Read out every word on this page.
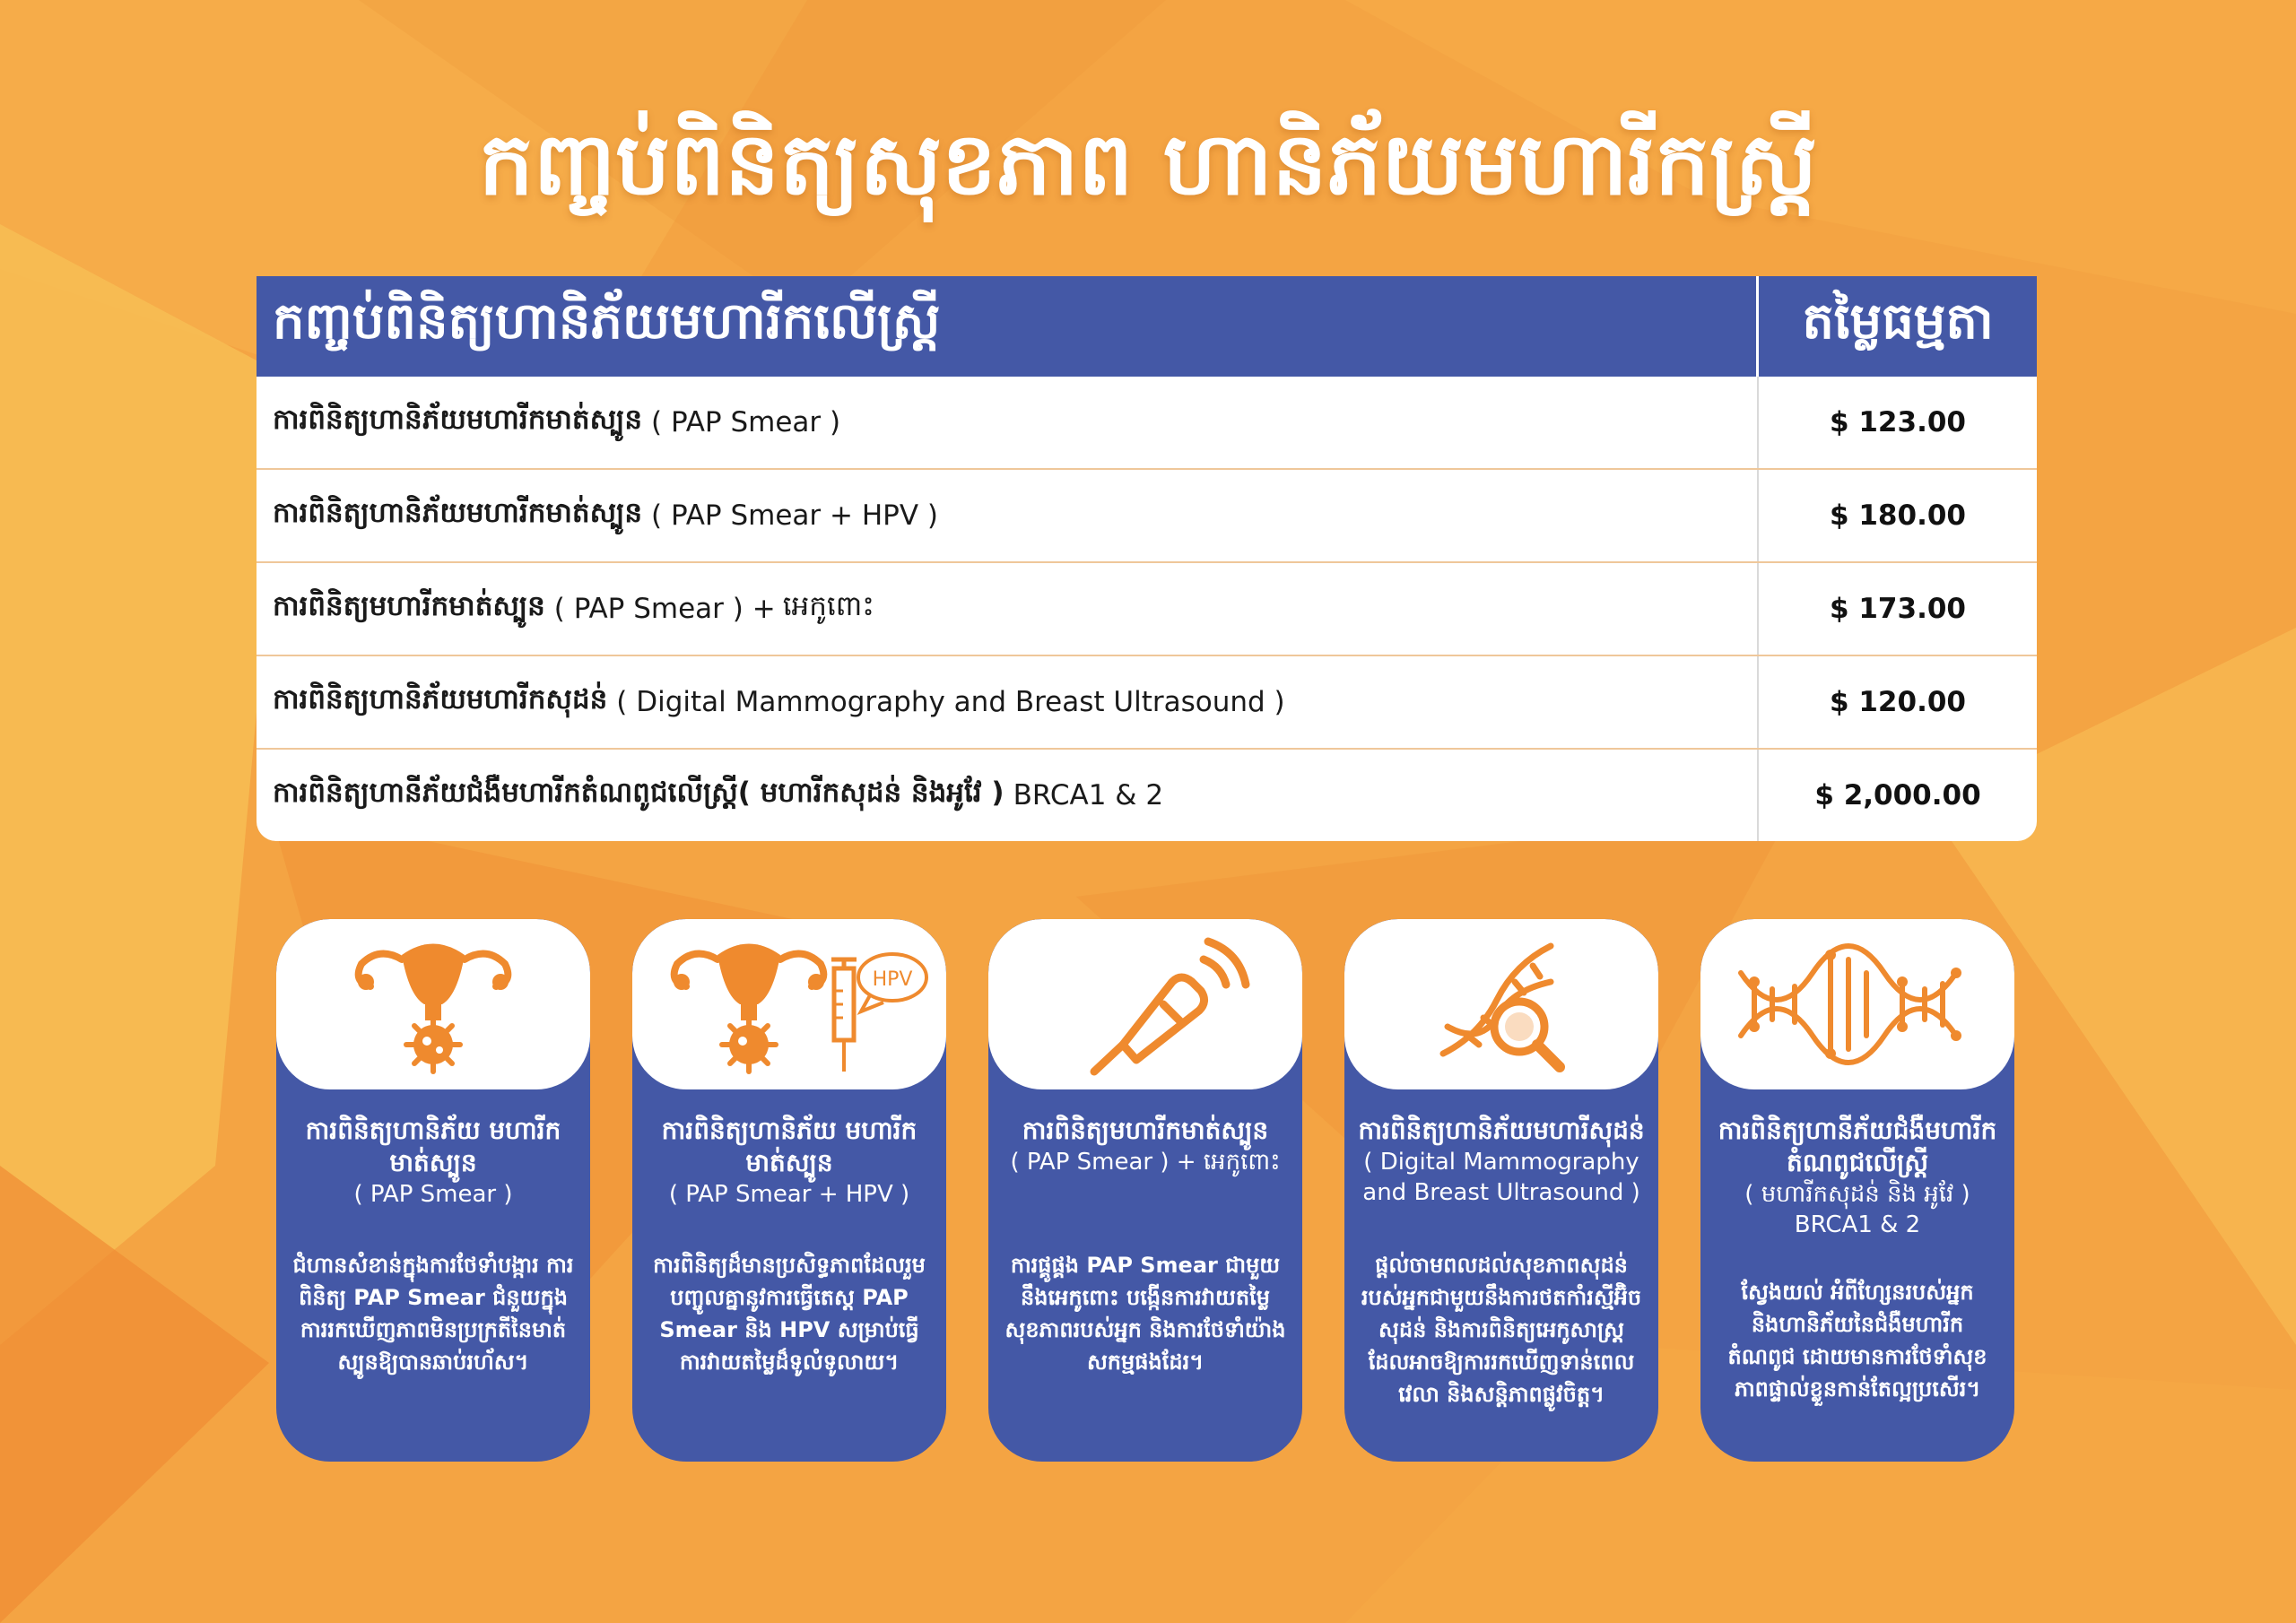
កញ្ចប់ពិនិត្យសុខភាព ហានិភ័យមហារីកស្ត្រី
កញ្ចប់ពិនិត្យហានិភ័យមហារីកលើស្ត្រី	តម្លៃធម្មតា
ការពិនិត្យហានិភ័យមហារីកមាត់ស្បូន ( PAP Smear )	$ 123.00
ការពិនិត្យហានិភ័យមហារីកមាត់ស្បូន ( PAP Smear + HPV )	$ 180.00
ការពិនិត្យមហារីកមាត់ស្បូន ( PAP Smear ) + អេកូពោះ	$ 173.00
ការពិនិត្យហានិភ័យមហារីកសុដន់ ( Digital Mammography and Breast Ultrasound )	$ 120.00
ការពិនិត្យហានីភ័យជំងឺមហារីកតំណពូជលើស្ត្រី( មហារីកសុដន់ និងអូវែ ) BRCA1 & 2	$ 2,000.00
ការពិនិត្យហានិភ័យ មហារីកមាត់ស្បូន
( PAP Smear )
ជំហានសំខាន់ក្នុងការថែទាំបង្ការ ការពិនិត្យ PAP Smear ជំនួយក្នុងការរកឃើញភាពមិនប្រក្រតីនៃមាត់ស្បូនឱ្យបានឆាប់រហ័ស។
HPV
ការពិនិត្យហានិភ័យ មហារីកមាត់ស្បូន
( PAP Smear + HPV )
ការពិនិត្យដ៏មានប្រសិទ្ធភាពដែលរួមបញ្ចូលគ្នានូវការធ្វើតេស្ត PAP Smear និង HPV សម្រាប់ធ្វើការវាយតម្លៃដ៏ទូលំទូលាយ។
ការពិនិត្យមហារីកមាត់ស្បូន
( PAP Smear ) + អេកូពោះ
ការផ្គូផ្គង PAP Smear ជាមួយនឹងអេកូពោះ បង្កើនការវាយតម្លៃសុខភាពរបស់អ្នក និងការថែទាំយ៉ាងសកម្មផងដែរ។
ការពិនិត្យហានិភ័យមហារីសុដន់
( Digital Mammography
and Breast Ultrasound )
ផ្តល់ចាមពលដល់សុខភាពសុដន់របស់អ្នកជាមួយនឹងការថតកាំរស្មីអ៊ិចសុដន់ និងការពិនិត្យអេកូសាស្ត្រ ដែលអាចឱ្យការរកឃើញទាន់ពេលវេលា និងសន្តិភាពផ្លូវចិត្ត។
ការពិនិត្យហានីភ័យជំងឺមហារីក តំណពូជលើស្ត្រី
( មហារីកសុដន់ និង អូវែ )
BRCA1 & 2
ស្វែងយល់ អំពីហ្សែនរបស់អ្នក និងហានិភ័យនៃជំងឺមហារីក តំណពូជ ដោយមានការថែទាំសុខភាពផ្ទាល់ខ្លួនកាន់តែល្អប្រសើរ។
